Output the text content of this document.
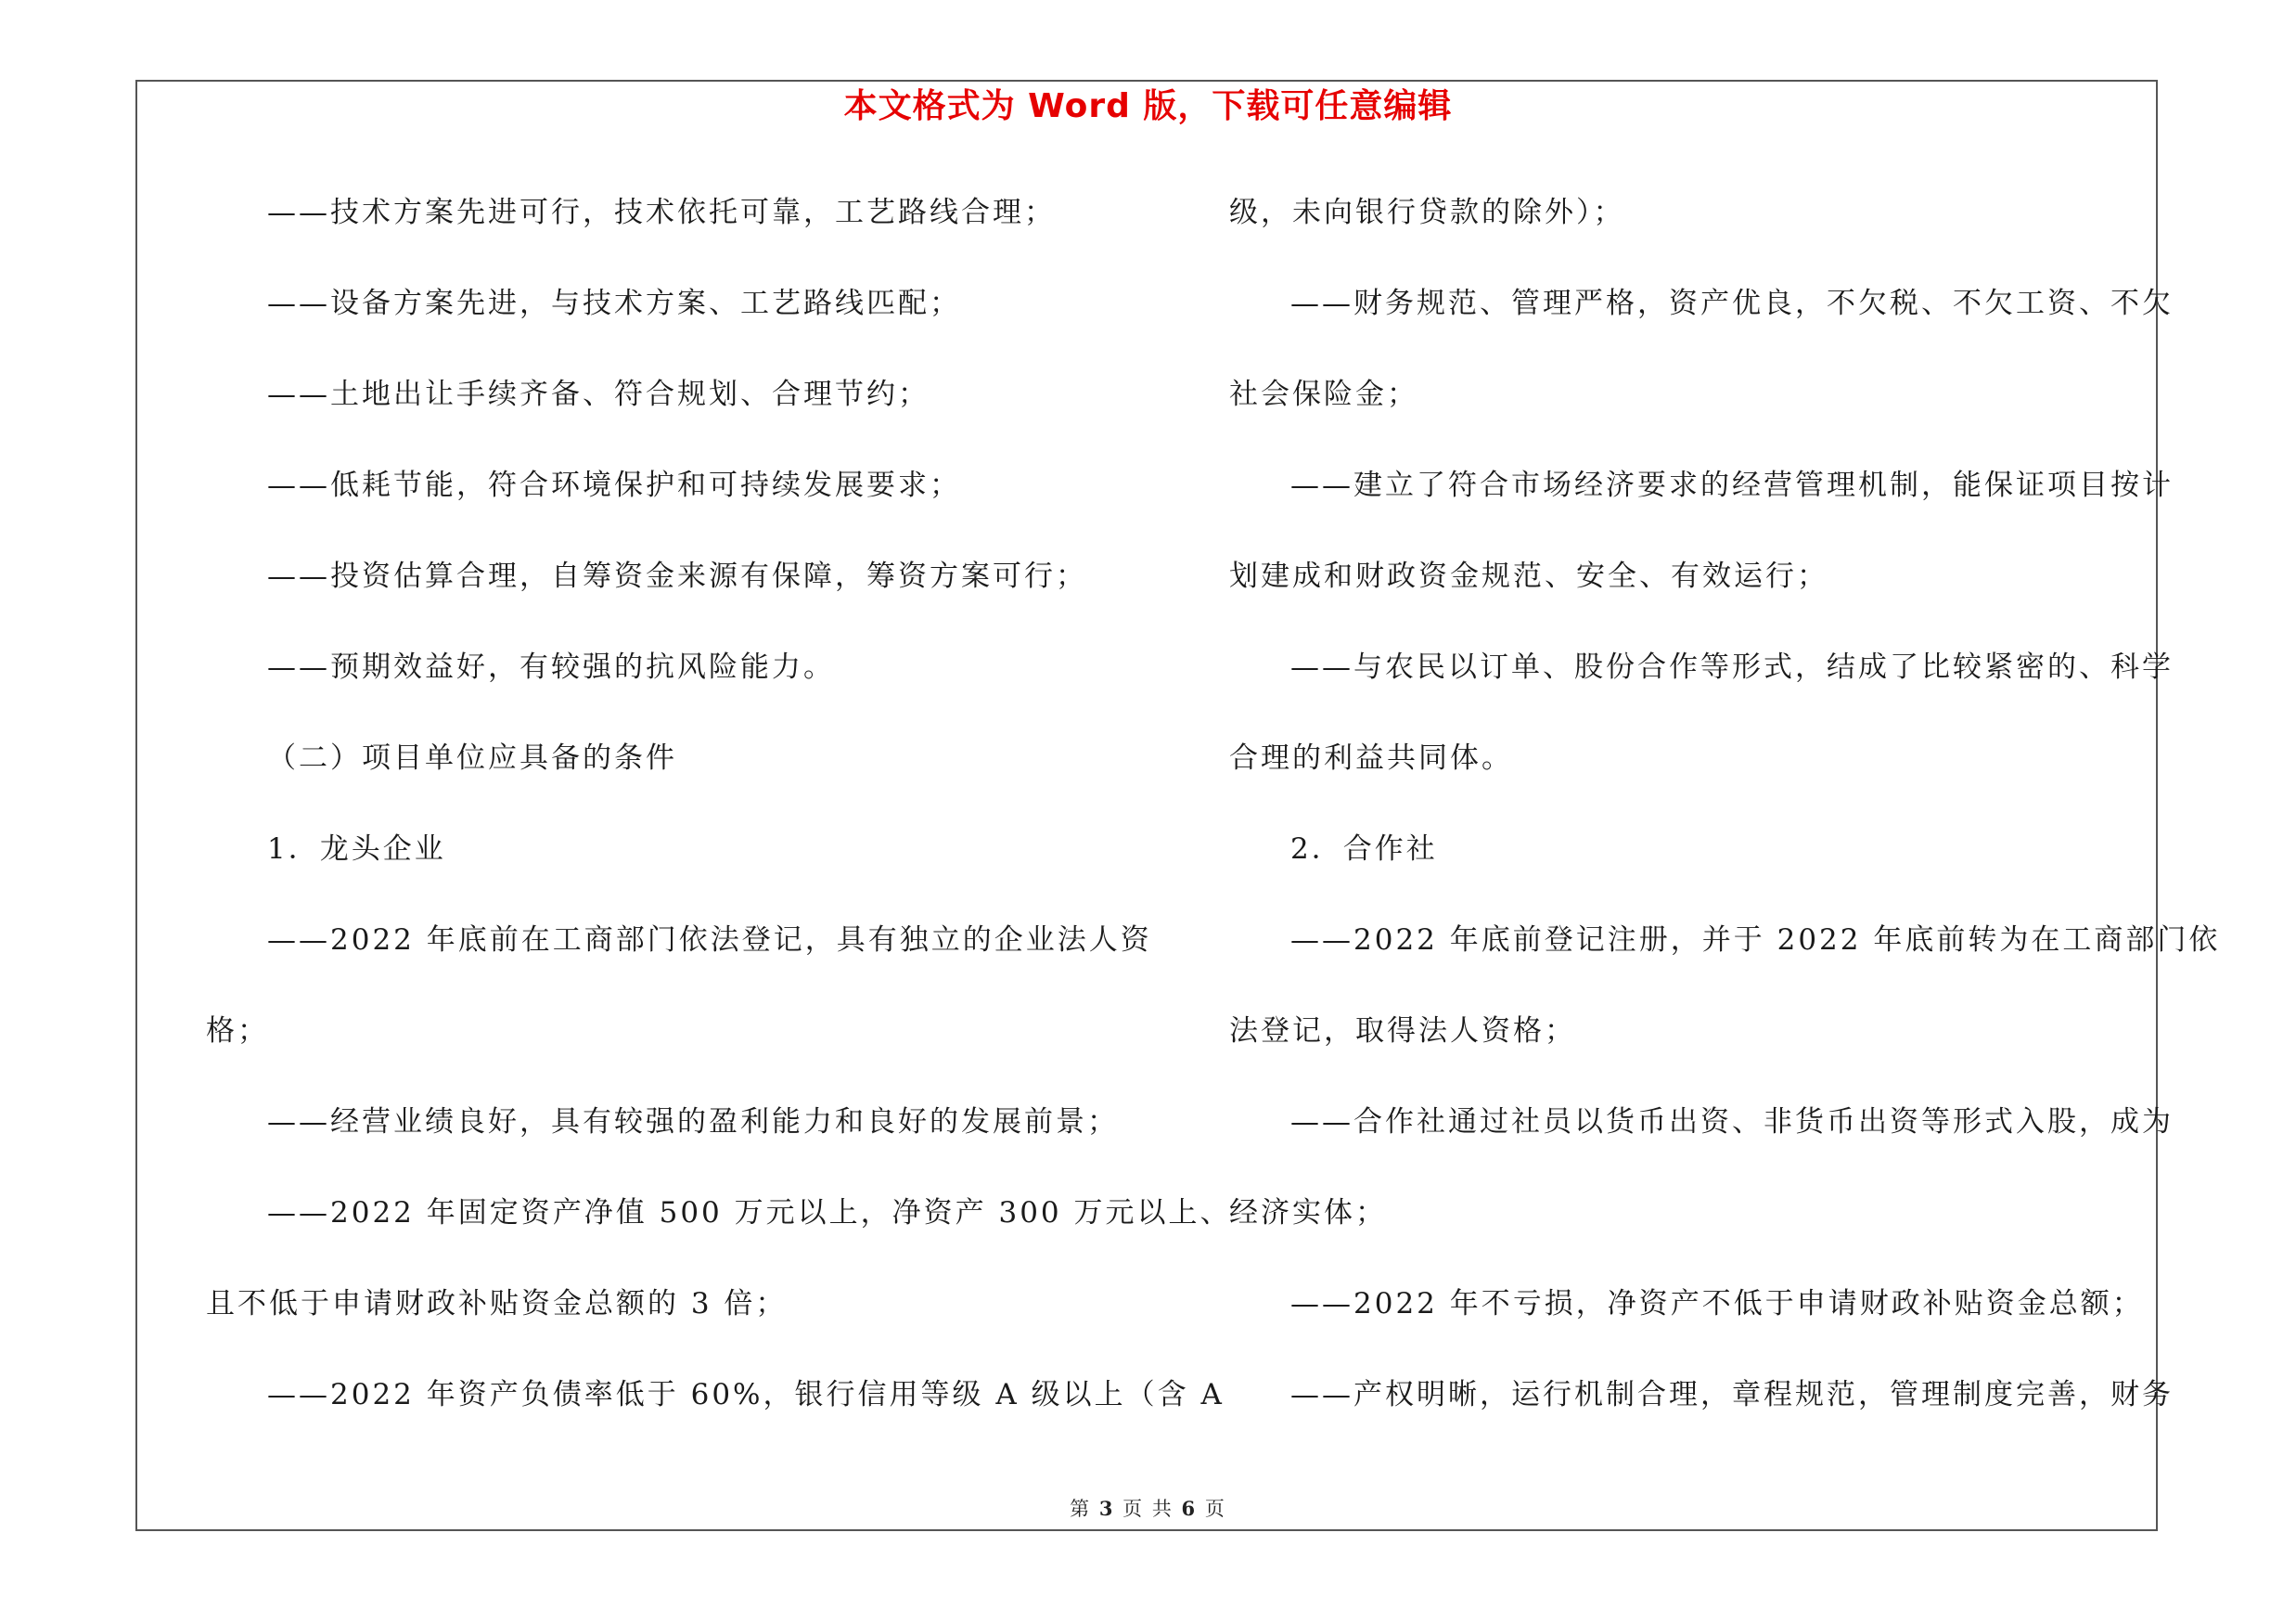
本文格式为 Word 版，下载可任意编辑
——技术方案先进可行，技术依托可靠，工艺路线合理；
——设备方案先进，与技术方案、工艺路线匹配；
——土地出让手续齐备、符合规划、合理节约；
——低耗节能，符合环境保护和可持续发展要求；
——投资估算合理，自筹资金来源有保障，筹资方案可行；
——预期效益好，有较强的抗风险能力。
（二）项目单位应具备的条件
1．龙头企业
——2022 年底前在工商部门依法登记，具有独立的企业法人资
格；
——经营业绩良好，具有较强的盈利能力和良好的发展前景；
——2022 年固定资产净值 500 万元以上，净资产 300 万元以上、
且不低于申请财政补贴资金总额的 3 倍；
——2022 年资产负债率低于 60%，银行信用等级 A 级以上（含 A
级，未向银行贷款的除外）；
——财务规范、管理严格，资产优良，不欠税、不欠工资、不欠
社会保险金；
——建立了符合市场经济要求的经营管理机制，能保证项目按计
划建成和财政资金规范、安全、有效运行；
——与农民以订单、股份合作等形式，结成了比较紧密的、科学
合理的利益共同体。
2．合作社
——2022 年底前登记注册，并于 2022 年底前转为在工商部门依
法登记，取得法人资格；
——合作社通过社员以货币出资、非货币出资等形式入股，成为
经济实体；
——2022 年不亏损，净资产不低于申请财政补贴资金总额；
——产权明晰，运行机制合理，章程规范，管理制度完善，财务
第 3 页 共 6 页
